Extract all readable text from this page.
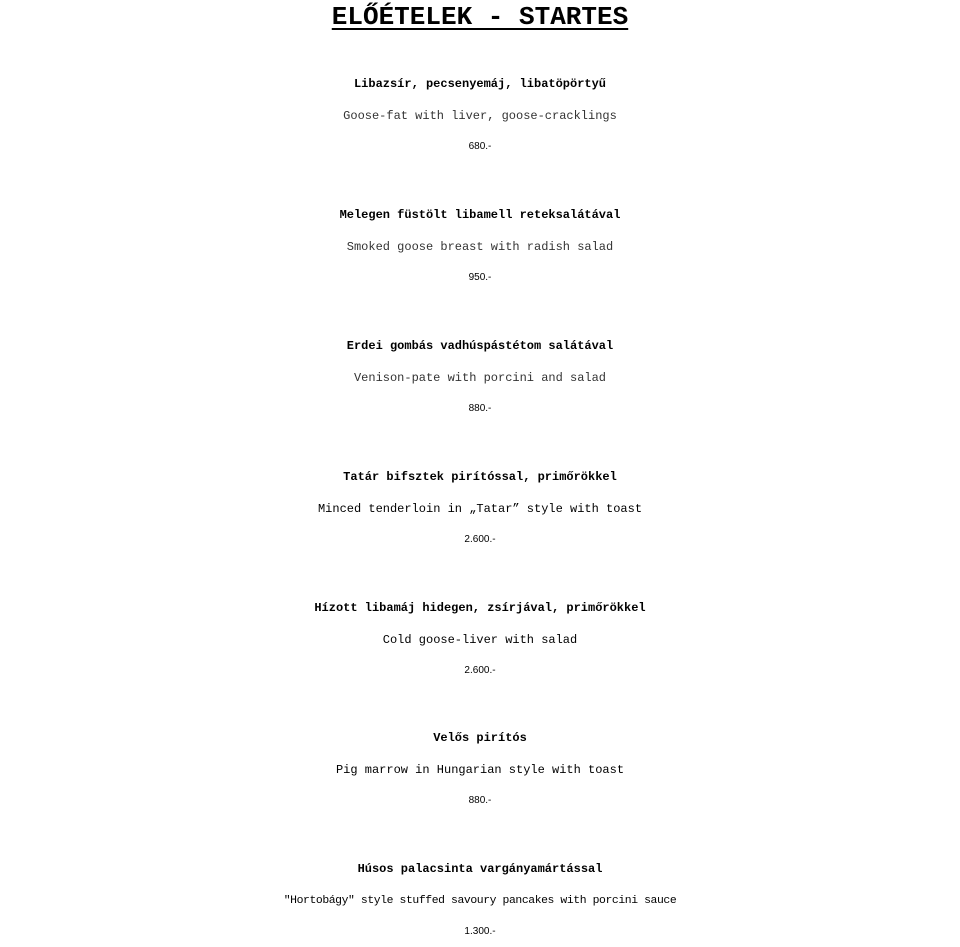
ELŐÉTELEK - STARTES
Libazsír, pecsenyemáj, libatöpörtyű
Goose-fat with liver, goose-cracklings
680.-
Melegen füstölt libamell reteksalátával
Smoked goose breast with radish salad
950.-
Erdei gombás vadhúspástétom salátával
Venison-pate with porcini and salad
880.-
Tatár bifsztek pirítóssal, primőrökkel
Minced tenderloin in „Tatar” style with toast
2.600.-
Hízott libamáj hidegen, zsírjával, primőrökkel
Cold goose-liver with salad
2.600.-
Velős pirítós
Pig marrow in Hungarian style with toast
880.-
Húsos palacsinta vargányamártással
"Hortobágy" style stuffed savoury pancakes with porcini sauce
1.300.-
